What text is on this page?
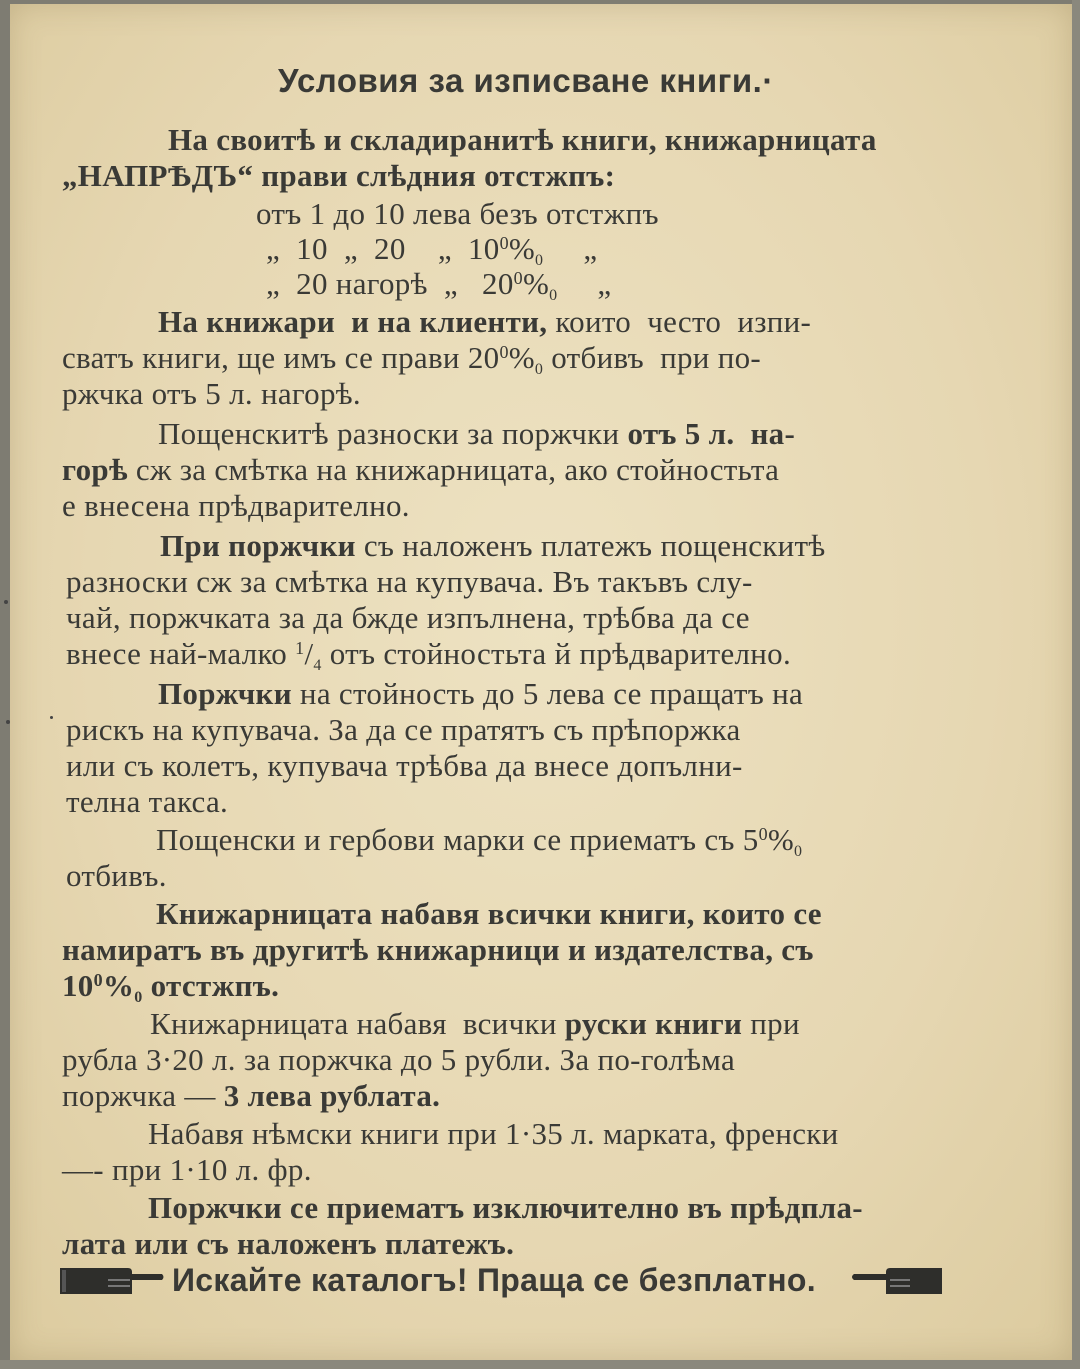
Условия за изписване книги.·
На своитѣ и складиранитѣ книги, книжарницата
„НАПРѢДЪ“ прави слѣдния отстжпъ:
отъ 1 до 10 лева безъ отстжпъ
„  10  „  20    „  $10^0\%_0$ „
„  20 нагорѣ  „   $20^0\%_0$ „
На книжари  и на клиенти, които  често  изпи-
сватъ книги, ще имъ се прави $20^0\%_0$ отбивъ  при по-
ржчка отъ 5 л. нагорѣ.
Пощенскитѣ разноски за поржчки отъ 5 л.  на-
горѣ сж за смѣтка на книжарницата, ако стойностьта
е внесена прѣдварително.
При поржчки съ наложенъ платежъ пощенскитѣ
разноски сж за смѣтка на купувача. Въ такъвъ слу-
чай, поржчката за да бжде изпълнена, трѣбва да се
внесе най-малко $^1/_4$ отъ стойностьта й прѣдварително.
Поржчки на стойность до 5 лева се пращатъ на
рискъ на купувача. За да се пратятъ съ прѣпоржка
или съ колетъ, купувача трѣбва да внесе допълни-
телна такса.
Пощенски и гербови марки се приематъ съ $5^0\%_0$
отбивъ.
Книжарницата набавя всички книги, които се
намиратъ въ другитѣ книжарници и издателства, съ
$10^0\%_0$ отстжпъ.
Книжарницата набавя  всички руски книги при
рубла 3·20 л. за поржчка до 5 рубли. За по-голѣма
поржчка — 3 лева рублата.
Набавя нѣмски книги при 1·35 л. марката, френски
—- при 1·10 л. фр.
Поржчки се приематъ изключително въ прѣдпла-
лата или съ наложенъ платежъ.
Искайте каталогъ! Праща се безплатно.
